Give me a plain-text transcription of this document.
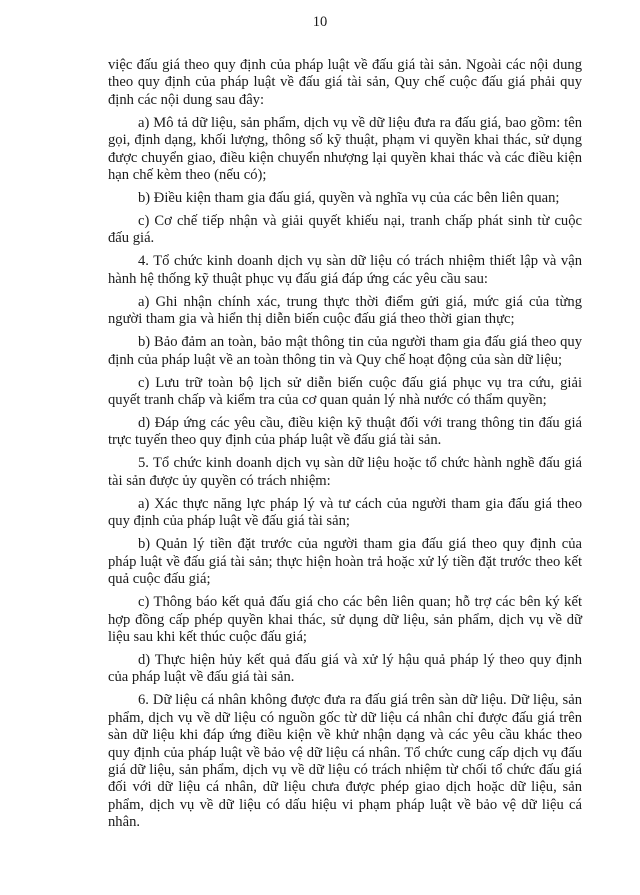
10

việc đấu giá theo quy định của pháp luật về đấu giá tài sản. Ngoài các nội dung theo quy định của pháp luật về đấu giá tài sản, Quy chế cuộc đấu giá phải quy định các nội dung sau đây:

a) Mô tả dữ liệu, sản phẩm, dịch vụ về dữ liệu đưa ra đấu giá, bao gồm: tên gọi, định dạng, khối lượng, thông số kỹ thuật, phạm vi quyền khai thác, sử dụng được chuyển giao, điều kiện chuyển nhượng lại quyền khai thác và các điều kiện hạn chế kèm theo (nếu có);

b) Điều kiện tham gia đấu giá, quyền và nghĩa vụ của các bên liên quan;

c) Cơ chế tiếp nhận và giải quyết khiếu nại, tranh chấp phát sinh từ cuộc đấu giá.

4. Tổ chức kinh doanh dịch vụ sàn dữ liệu có trách nhiệm thiết lập và vận hành hệ thống kỹ thuật phục vụ đấu giá đáp ứng các yêu cầu sau:

a) Ghi nhận chính xác, trung thực thời điểm gửi giá, mức giá của từng người tham gia và hiển thị diễn biến cuộc đấu giá theo thời gian thực;

b) Bảo đảm an toàn, bảo mật thông tin của người tham gia đấu giá theo quy định của pháp luật về an toàn thông tin và Quy chế hoạt động của sàn dữ liệu;

c) Lưu trữ toàn bộ lịch sử diễn biến cuộc đấu giá phục vụ tra cứu, giải quyết tranh chấp và kiểm tra của cơ quan quản lý nhà nước có thẩm quyền;

d) Đáp ứng các yêu cầu, điều kiện kỹ thuật đối với trang thông tin đấu giá trực tuyến theo quy định của pháp luật về đấu giá tài sản.

5. Tổ chức kinh doanh dịch vụ sàn dữ liệu hoặc tổ chức hành nghề đấu giá tài sản được ủy quyền có trách nhiệm:

a) Xác thực năng lực pháp lý và tư cách của người tham gia đấu giá theo quy định của pháp luật về đấu giá tài sản;

b) Quản lý tiền đặt trước của người tham gia đấu giá theo quy định của pháp luật về đấu giá tài sản; thực hiện hoàn trả hoặc xử lý tiền đặt trước theo kết quả cuộc đấu giá;

c) Thông báo kết quả đấu giá cho các bên liên quan; hỗ trợ các bên ký kết hợp đồng cấp phép quyền khai thác, sử dụng dữ liệu, sản phẩm, dịch vụ về dữ liệu sau khi kết thúc cuộc đấu giá;

d) Thực hiện hủy kết quả đấu giá và xử lý hậu quả pháp lý theo quy định của pháp luật về đấu giá tài sản.

6. Dữ liệu cá nhân không được đưa ra đấu giá trên sàn dữ liệu. Dữ liệu, sản phẩm, dịch vụ về dữ liệu có nguồn gốc từ dữ liệu cá nhân chỉ được đấu giá trên sàn dữ liệu khi đáp ứng điều kiện về khử nhận dạng và các yêu cầu khác theo quy định của pháp luật về bảo vệ dữ liệu cá nhân. Tổ chức cung cấp dịch vụ đấu giá dữ liệu, sản phẩm, dịch vụ về dữ liệu có trách nhiệm từ chối tổ chức đấu giá đối với dữ liệu cá nhân, dữ liệu chưa được phép giao dịch hoặc dữ liệu, sản phẩm, dịch vụ về dữ liệu có dấu hiệu vi phạm pháp luật về bảo vệ dữ liệu cá nhân.
